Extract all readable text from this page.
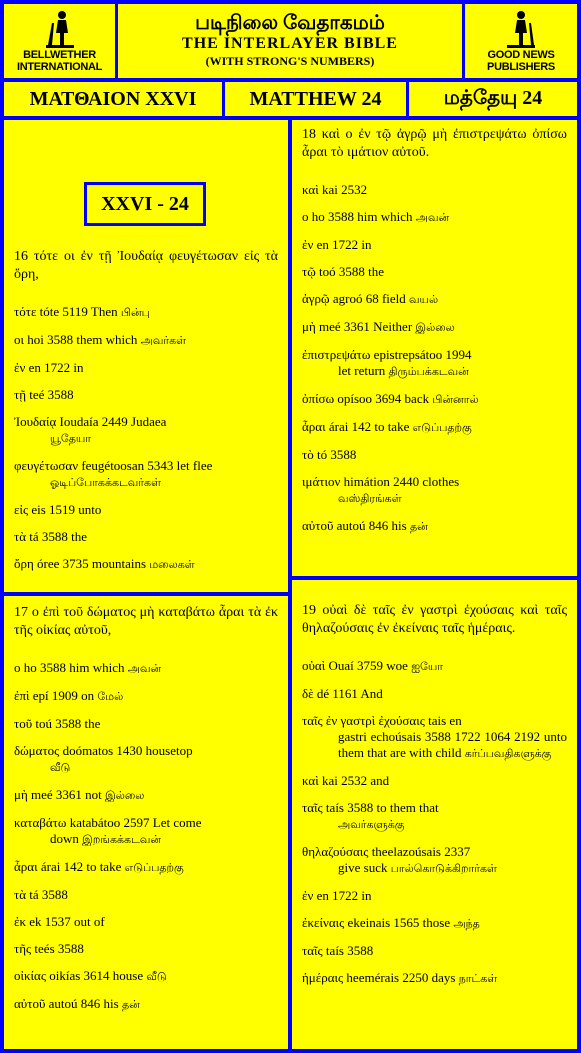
BELLWETHER
INTERNATIONAL
படிநிலை வேதாகமம்
THE INTERLAYER BIBLE
(WITH STRONG'S NUMBERS)	GOOD NEWS
PUBLISHERS
ΜΑΤΘΑΙΟΝ XXVI	MATTHEW 24	மத்தேயு 24
XXVI - 24
16 τότε οι ἐν τῇ Ἰουδαίᾳ φευγέτωσαν εἰς τὰ ὄρη,
τότε tóte 5119 Then பின்பு
οι hoi 3588 them which அவர்கள்
ἐν en 1722 in
τῇ teé 3588
Ἰουδαίᾳ Ioudaía 2449 Judaea
யூதேயா
φευγέτωσαν feugétoosan 5343 let flee
ஓடிப்போகக்கடவர்கள்
εἰς eis 1519 unto
τὰ tá 3588 the
ὄρη óree 3735 mountains மலைகள்
17 ο ἐπὶ τοῦ δώματος μὴ καταβάτω ἆραι τὰ ἐκ τῆς οἰκίας αὐτοῦ,
ο ho 3588 him which அவன்
ἐπὶ epí 1909 on மேல்
τοῦ toú 3588 the
δώματος doómatos 1430 housetop
வீடு
μὴ meé 3361 not இல்லை
καταβάτω katabátoo 2597 Let come
down இறங்கக்கடவன்
ἆραι árai 142 to take எடுப்பதற்கு
τὰ tá 3588
ἐκ ek 1537 out of
τῆς teés 3588
οἰκίας oikías 3614 house வீடு
αὐτοῦ autoú 846 his தன்
18 καὶ ο ἐν τῷ ἀγρῷ μὴ ἐπιστρεψάτω ὀπίσω ἆραι τὸ ιμάτιον αὐτοῦ.
καὶ kai 2532
ο ho 3588 him which அவன்
ἐν en 1722 in
τῷ toó 3588 the
ἀγρῷ agroó 68 field வயல்
μὴ meé 3361 Neither இல்லை
ἐπιστρεψάτω epistrepsátoo 1994
let return திரும்பக்கடவன்
ὀπίσω opísoo 3694 back பின்னால்
ἆραι árai 142 to take எடுப்பதற்கு
τὸ tó 3588
ιμάτιον himátion 2440 clothes
வஸ்திரங்கள்
αὐτοῦ autoú 846 his தன்
19 οὐαὶ δὲ ταῖς ἐν γαστρὶ ἐχούσαις καὶ ταῖς θηλαζούσαις ἐν ἐκείναις ταῖς ἡμέραις.
οὐαὶ Ouaí 3759 woe ஐயோ
δὲ dé 1161 And
ταῖς ἐν γαστρὶ ἐχούσαις tais en
gastri echoúsais 3588 1722 1064 2192 unto them that are with child கர்ப்பவதிகளுக்கு
καὶ kai 2532 and
ταῖς taís 3588 to them that
அவர்களுக்கு
θηλαζούσαις theelazoúsais 2337
give suck பால்கொடுக்கிறார்கள்
ἐν en 1722 in
ἐκείναις ekeinais 1565 those அந்த
ταῖς taís 3588
ἡμέραις heemérais 2250 days நாட்கள்
